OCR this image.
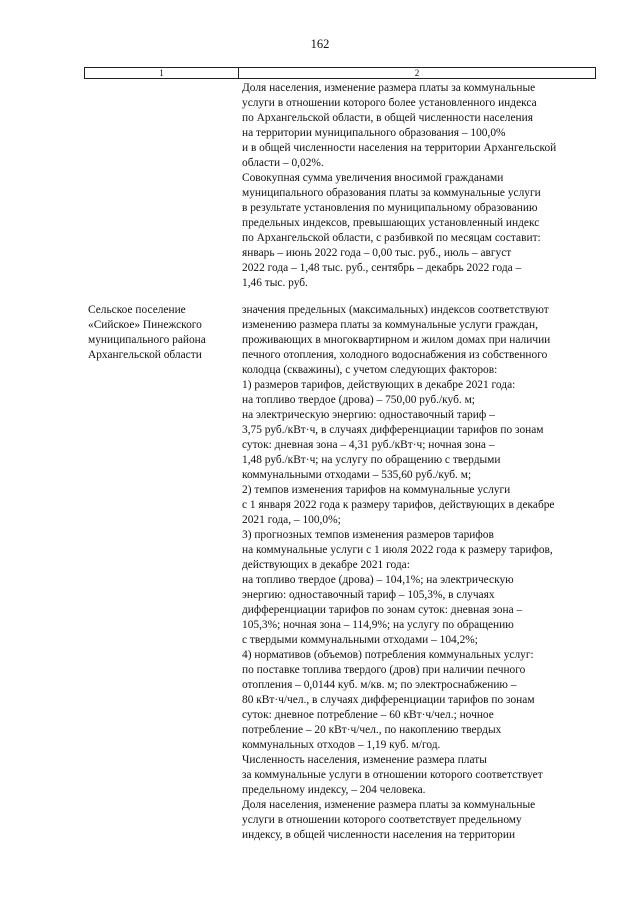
162
1	2
Доля населения, изменение размера платы за коммунальные
услуги в отношении которого более установленного индекса
по Архангельской области, в общей численности населения
на территории муниципального образования – 100,0%
и в общей численности населения на территории Архангельской
области – 0,02%.
Совокупная сумма увеличения вносимой гражданами
муниципального образования платы за коммунальные услуги
в результате установления по муниципальному образованию
предельных индексов, превышающих установленный индекс
по Архангельской области, с разбивкой по месяцам составит:
январь – июнь 2022 года – 0,00 тыс. руб., июль – август
2022 года – 1,48 тыс. руб., сентябрь – декабрь 2022 года –
1,46 тыс. руб.
Сельское поселение
«Сийское» Пинежского
муниципального района
Архангельской области
значения предельных (максимальных) индексов соответствуют
изменению размера платы за коммунальные услуги граждан,
проживающих в многоквартирном и жилом домах при наличии
печного отопления, холодного водоснабжения из собственного
колодца (скважины), с учетом следующих факторов:
1) размеров тарифов, действующих в декабре 2021 года:
на топливо твердое (дрова) – 750,00 руб./куб. м;
на электрическую энергию: одноставочный тариф –
3,75 руб./кВт·ч, в случаях дифференциации тарифов по зонам
суток: дневная зона – 4,31 руб./кВт·ч; ночная зона –
1,48 руб./кВт·ч; на услугу по обращению с твердыми
коммунальными отходами – 535,60 руб./куб. м;
2) темпов изменения тарифов на коммунальные услуги
с 1 января 2022 года к размеру тарифов, действующих в декабре
2021 года, – 100,0%;
3) прогнозных темпов изменения размеров тарифов
на коммунальные услуги с 1 июля 2022 года к размеру тарифов,
действующих в декабре 2021 года:
на топливо твердое (дрова) – 104,1%; на электрическую
энергию: одноставочный тариф – 105,3%, в случаях
дифференциации тарифов по зонам суток: дневная зона –
105,3%; ночная зона – 114,9%; на услугу по обращению
с твердыми коммунальными отходами – 104,2%;
4) нормативов (объемов) потребления коммунальных услуг:
по поставке топлива твердого (дров) при наличии печного
отопления – 0,0144 куб. м/кв. м; по электроснабжению –
80 кВт·ч/чел., в случаях дифференциации тарифов по зонам
суток: дневное потребление – 60 кВт·ч/чел.; ночное
потребление – 20 кВт·ч/чел., по накоплению твердых
коммунальных отходов – 1,19 куб. м/год.
Численность населения, изменение размера платы
за коммунальные услуги в отношении которого соответствует
предельному индексу, – 204 человека.
Доля населения, изменение размера платы за коммунальные
услуги в отношении которого соответствует предельному
индексу, в общей численности населения на территории
